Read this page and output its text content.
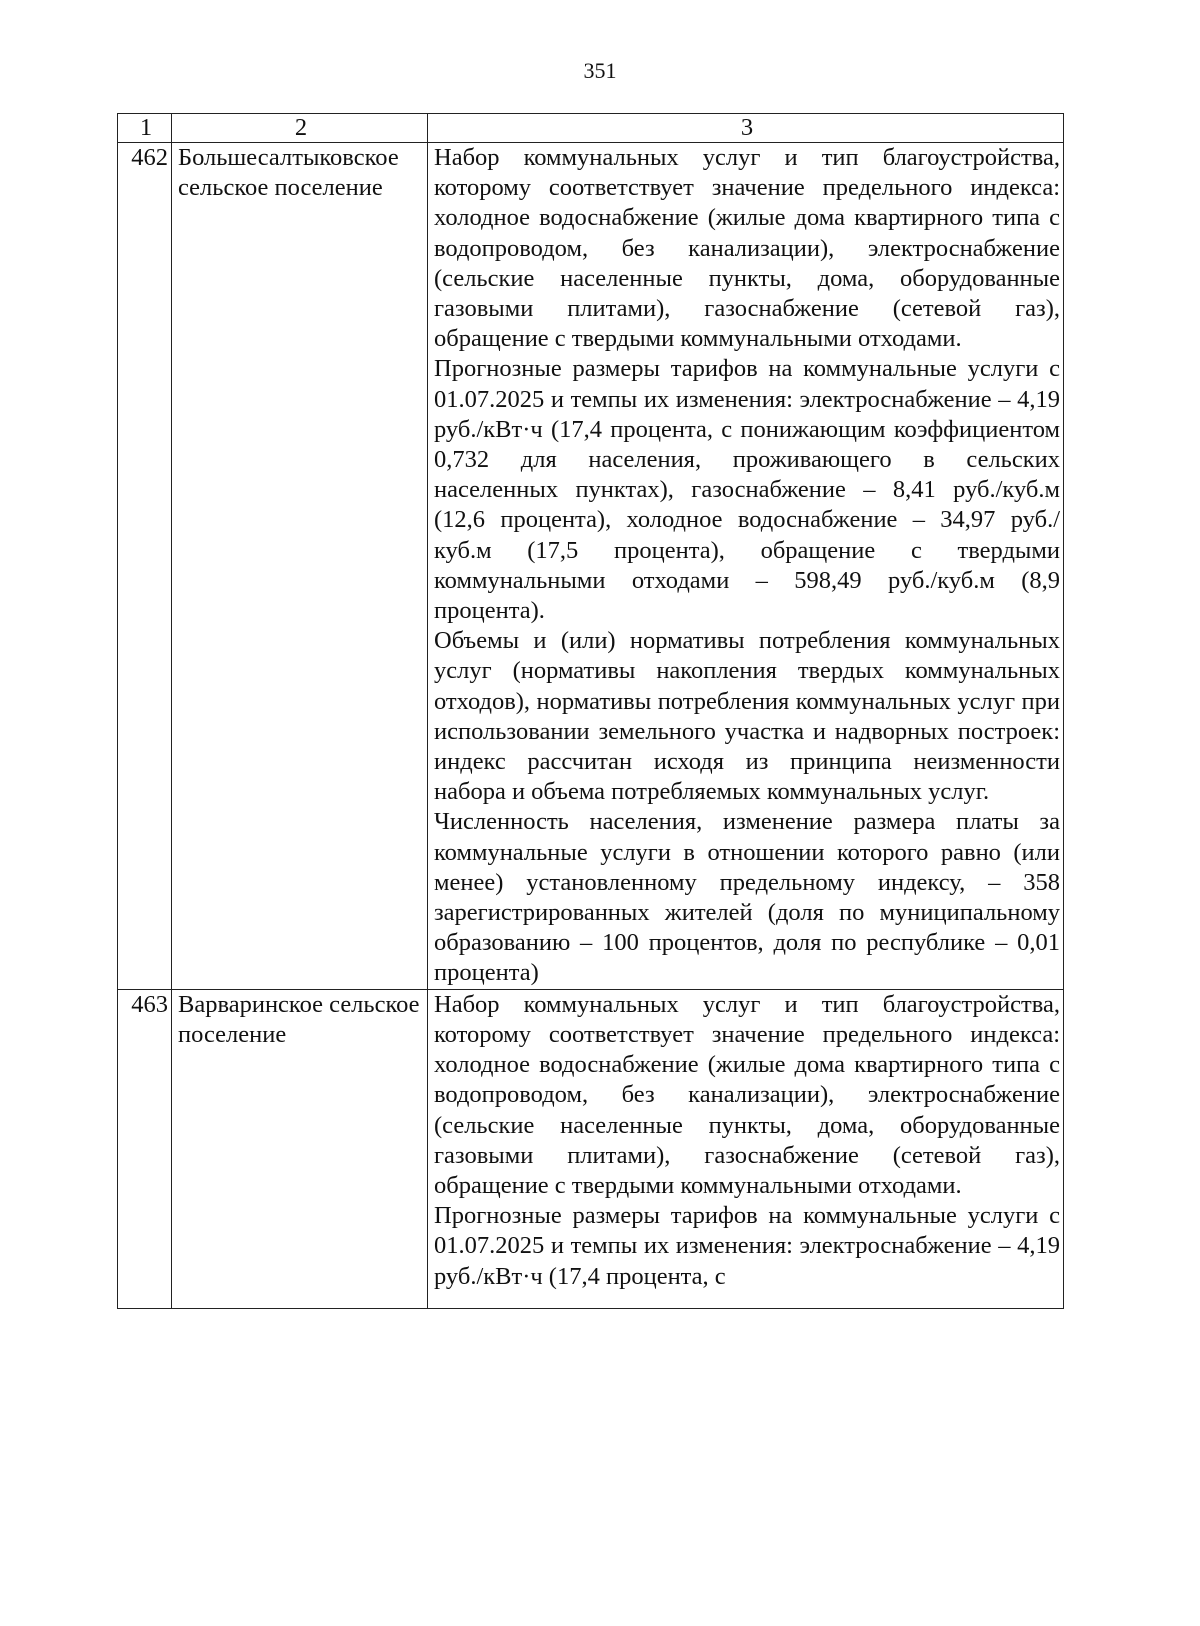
351
1	2	3
462	Большесалтыковское сельское поселение	Набор коммунальных услуг и тип благоустройства, которому соответствует значение предельного индекса: холодное водоснабжение (жилые дома квартирного типа с водопроводом, без канализации), электроснабжение (сельские населенные пункты, дома, оборудованные газовыми плитами), газоснабжение (сетевой газ), обращение с твердыми коммунальными отходами.

Прогнозные размеры тарифов на коммунальные услуги с 01.07.2025 и темпы их изменения: электроснабжение – 4,19 руб./кВт·ч (17,4 процента, с понижающим коэффициентом 0,732 для населения, проживающего в сельских населенных пунктах), газоснабжение – 8,41 руб./куб.м (12,6 процента), холодное водоснабжение – 34,97 руб./куб.м (17,5 процента), обращение с твердыми коммунальными отходами – 598,49 руб./куб.м (8,9 процента).

Объемы и (или) нормативы потребления коммунальных услуг (нормативы накопления твердых коммунальных отходов), нормативы потребления коммунальных услуг при использовании земельного участка и надворных построек: индекс рассчитан исходя из принципа неизменности набора и объема потребляемых коммунальных услуг.

Численность населения, изменение размера платы за коммунальные услуги в отношении которого равно (или менее) установленному предельному индексу, – 358 зарегистрированных жителей (доля по муниципальному образованию – 100 процентов, доля по республике – 0,01 процента)

463	Варваринское сельское поселение	Набор коммунальных услуг и тип благоустройства, которому соответствует значение предельного индекса: холодное водоснабжение (жилые дома квартирного типа с водопроводом, без канализации), электроснабжение (сельские населенные пункты, дома, оборудованные газовыми плитами), газоснабжение (сетевой газ), обращение с твердыми коммунальными отходами.

Прогнозные размеры тарифов на коммунальные услуги с 01.07.2025 и темпы их изменения: электроснабжение – 4,19 руб./кВт·ч (17,4 процента, с
